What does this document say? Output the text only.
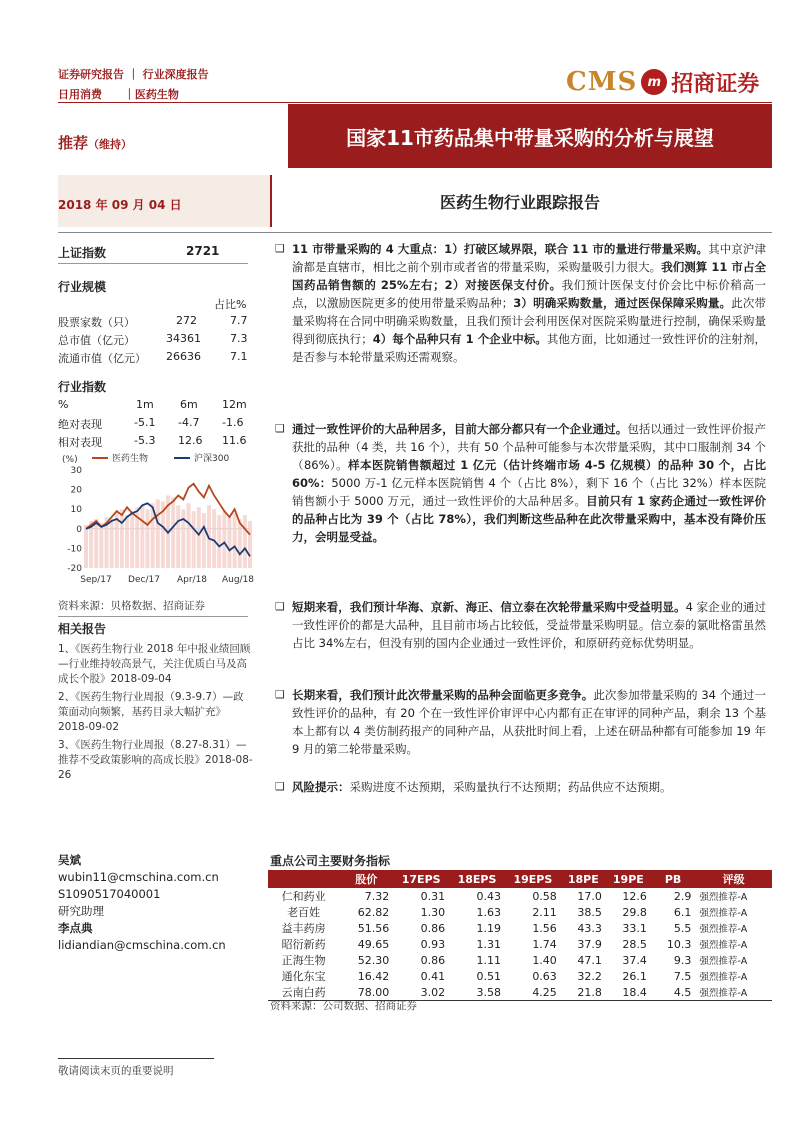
证券研究报告 ｜ 行业深度报告
日用消费 ｜医药生物	CMS m 招商证券
推荐（维持）	国家11市药品集中带量采购的分析与展望
2018 年 09 月 04 日	医药生物行业跟踪报告
上证指数	2721
行业规模
占比%
股票家数（只）	272	7.7
总市值（亿元）	34361	7.3
流通市值（亿元） 26636	7.1
行业指数
%	1m 6m 12m
绝对表现	-5.1 -4.7 -1.6
相对表现	-5.3 12.6 11.6
(%)	医药生物	沪深300
30
20
10
0
-10
-20
Sep/17 Dec/17 Apr/18 Aug/18
资料来源：贝格数据、招商证券
相关报告
1、《医药生物行业 2018 年中报业绩回顾—行业维持较高景气，关注优质白马及高成长个股》2018-09-04
2、《医药生物行业周报（9.3-9.7）—政策面动向频繁，基药目录大幅扩充》2018-09-02
3、《医药生物行业周报（8.27-8.31）—推荐不受政策影响的高成长股》2018-08-26
吴斌
wubin11@cmschina.com.cn
S1090517040001
研究助理
李点典
lidiandian@cmschina.com.cn
❑ 11 市带量采购的 4 大重点：1）打破区域界限，联合 11 市的量进行带量采购。其中京沪津渝都是直辖市，相比之前个别市或者省的带量采购，采购量吸引力很大。我们测算 11 市占全国药品销售额的 25%左右；2）对接医保支付价。我们预计医保支付价会比中标价稍高一点，以激励医院更多的使用带量采购品种；3）明确采购数量，通过医保保障采购量。此次带量采购将在合同中明确采购数量，且我们预计会利用医保对医院采购量进行控制，确保采购量得到彻底执行；4）每个品种只有 1 个企业中标。其他方面，比如通过一致性评价的注射剂，是否参与本轮带量采购还需观察。
❑ 通过一致性评价的大品种居多，目前大部分都只有一个企业通过。包括以通过一致性评价报产获批的品种（4 类，共 16 个），共有 50 个品种可能参与本次带量采购，其中口服制剂 34 个（86%）。样本医院销售额超过 1 亿元（估计终端市场 4-5 亿规模）的品种 30 个，占比 60%：5000 万-1 亿元样本医院销售 4 个（占比 8%），剩下 16 个（占比 32%）样本医院销售额小于 5000 万元，通过一致性评价的大品种居多。目前只有 1 家药企通过一致性评价的品种占比为 39 个（占比 78%），我们判断这些品种在此次带量采购中，基本没有降价压力，会明显受益。
❑ 短期来看，我们预计华海、京新、海正、信立泰在次轮带量采购中受益明显。4 家企业的通过一致性评价的都是大品种，且目前市场占比较低，受益带量采购明显。信立泰的氯吡格雷虽然占比 34%左右，但没有别的国内企业通过一致性评价，和原研药竞标优势明显。
❑ 长期来看，我们预计此次带量采购的品种会面临更多竞争。此次参加带量采购的 34 个通过一致性评价的品种，有 20 个在一致性评价审评中心内都有正在审评的同种产品，剩余 13 个基本上都有以 4 类仿制药报产的同种产品，从获批时间上看，上述在研品种都有可能参加 19 年 9 月的第二轮带量采购。
❑ 风险提示：采购进度不达预期，采购量执行不达预期；药品供应不达预期。
重点公司主要财务指标
	股价	17EPS	18EPS	19EPS	18PE	19PE	PB	评级
仁和药业	7.32	0.31	0.43	0.58	17.0	12.6	2.9	强烈推荐-A
老百姓	62.82	1.30	1.63	2.11	38.5	29.8	6.1	强烈推荐-A
益丰药房	51.56	0.86	1.19	1.56	43.3	33.1	5.5	强烈推荐-A
昭衍新药	49.65	0.93	1.31	1.74	37.9	28.5	10.3	强烈推荐-A
正海生物	52.30	0.86	1.11	1.40	47.1	37.4	9.3	强烈推荐-A
通化东宝	16.42	0.41	0.51	0.63	32.2	26.1	7.5	强烈推荐-A
云南白药	78.00	3.02	3.58	4.25	21.8	18.4	4.5	强烈推荐-A
资料来源：公司数据、招商证券
敬请阅读末页的重要说明
